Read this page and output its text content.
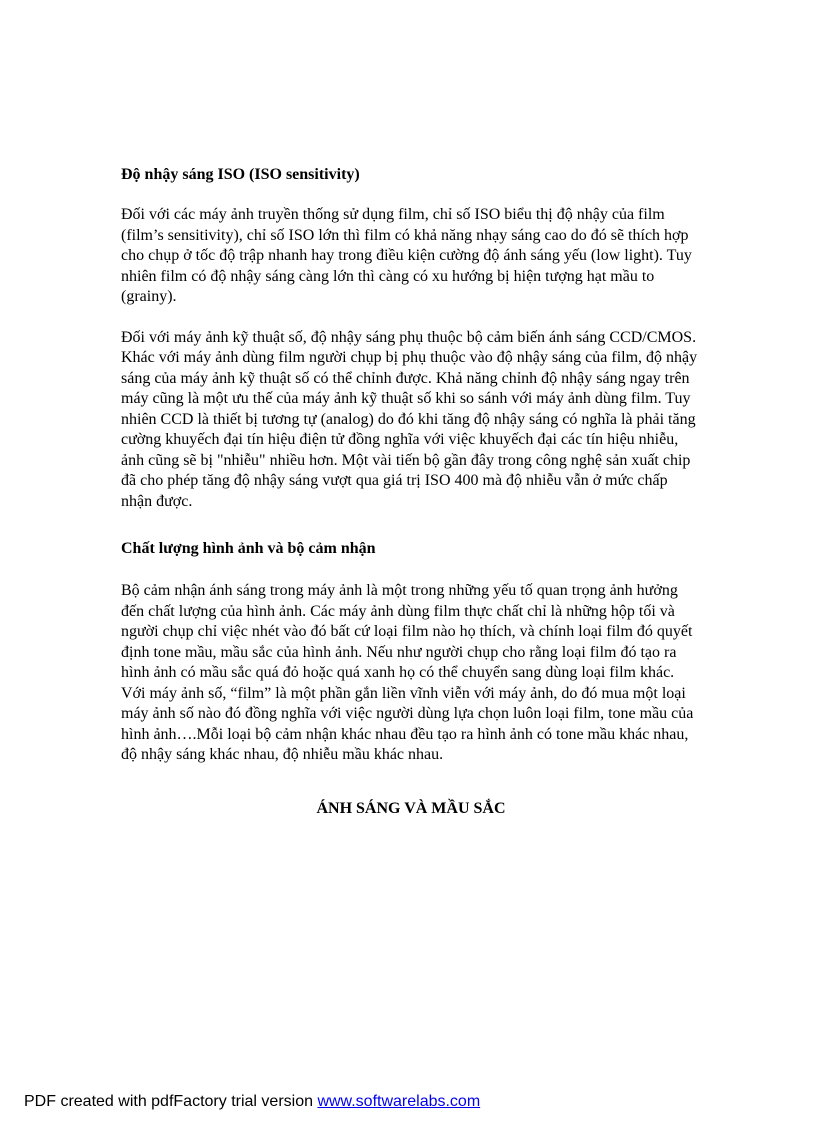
Độ nhậy sáng ISO (ISO sensitivity)

Đối với các máy ảnh truyền thống sử dụng film, chỉ số ISO biểu thị độ nhậy của film (film’s sensitivity), chỉ số ISO lớn thì film có khả năng nhạy sáng cao do đó sẽ thích hợp cho chụp ở tốc độ trập nhanh hay trong điều kiện cường độ ánh sáng yếu (low light). Tuy nhiên film có độ nhậy sáng càng lớn thì càng có xu hướng bị hiện tượng hạt mầu to (grainy).

Đối với máy ảnh kỹ thuật số, độ nhậy sáng phụ thuộc bộ cảm biến ánh sáng CCD/CMOS. Khác với máy ảnh dùng film người chụp bị phụ thuộc vào độ nhậy sáng của film, độ nhậy sáng của máy ảnh kỹ thuật số có thể chỉnh được. Khả năng chỉnh độ nhậy sáng ngay trên máy cũng là một ưu thế của máy ảnh kỹ thuật số khi so sánh với máy ảnh dùng film. Tuy nhiên CCD là thiết bị tương tự (analog) do đó khi tăng độ nhậy sáng có nghĩa là phải tăng cường khuyếch đại tín hiệu điện tử đồng nghĩa với việc khuyếch đại các tín hiệu nhiễu, ảnh cũng sẽ bị "nhiễu" nhiều hơn. Một vài tiến bộ gần đây trong công nghệ sản xuất chip đã cho phép tăng độ nhậy sáng vượt qua giá trị ISO 400 mà độ nhiễu vẫn ở mức chấp nhận được.

Chất lượng hình ảnh và bộ cảm nhận

Bộ cảm nhận ánh sáng trong máy ảnh là một trong những yếu tố quan trọng ảnh hưởng đến chất lượng của hình ảnh. Các máy ảnh dùng film thực chất chỉ là những hộp tối và người chụp chỉ việc nhét vào đó bất cứ loại film nào họ thích, và chính loại film đó quyết định tone mầu, mầu sắc của hình ảnh. Nếu như người chụp cho rằng loại film đó tạo ra hình ảnh có mầu sắc quá đỏ hoặc quá xanh họ có thể chuyển sang dùng loại film khác. Với máy ảnh số, “film” là một phần gắn liền vĩnh viễn với máy ảnh, do đó mua một loại máy ảnh số nào đó đồng nghĩa với việc người dùng lựa chọn luôn loại film, tone mầu của hình ảnh….Mỗi loại bộ cảm nhận khác nhau đều tạo ra hình ảnh có tone mầu khác nhau, độ nhậy sáng khác nhau, độ nhiễu mầu khác nhau.

ÁNH SÁNG VÀ MẦU SẮC
PDF created with pdfFactory trial version www.softwarelabs.com
